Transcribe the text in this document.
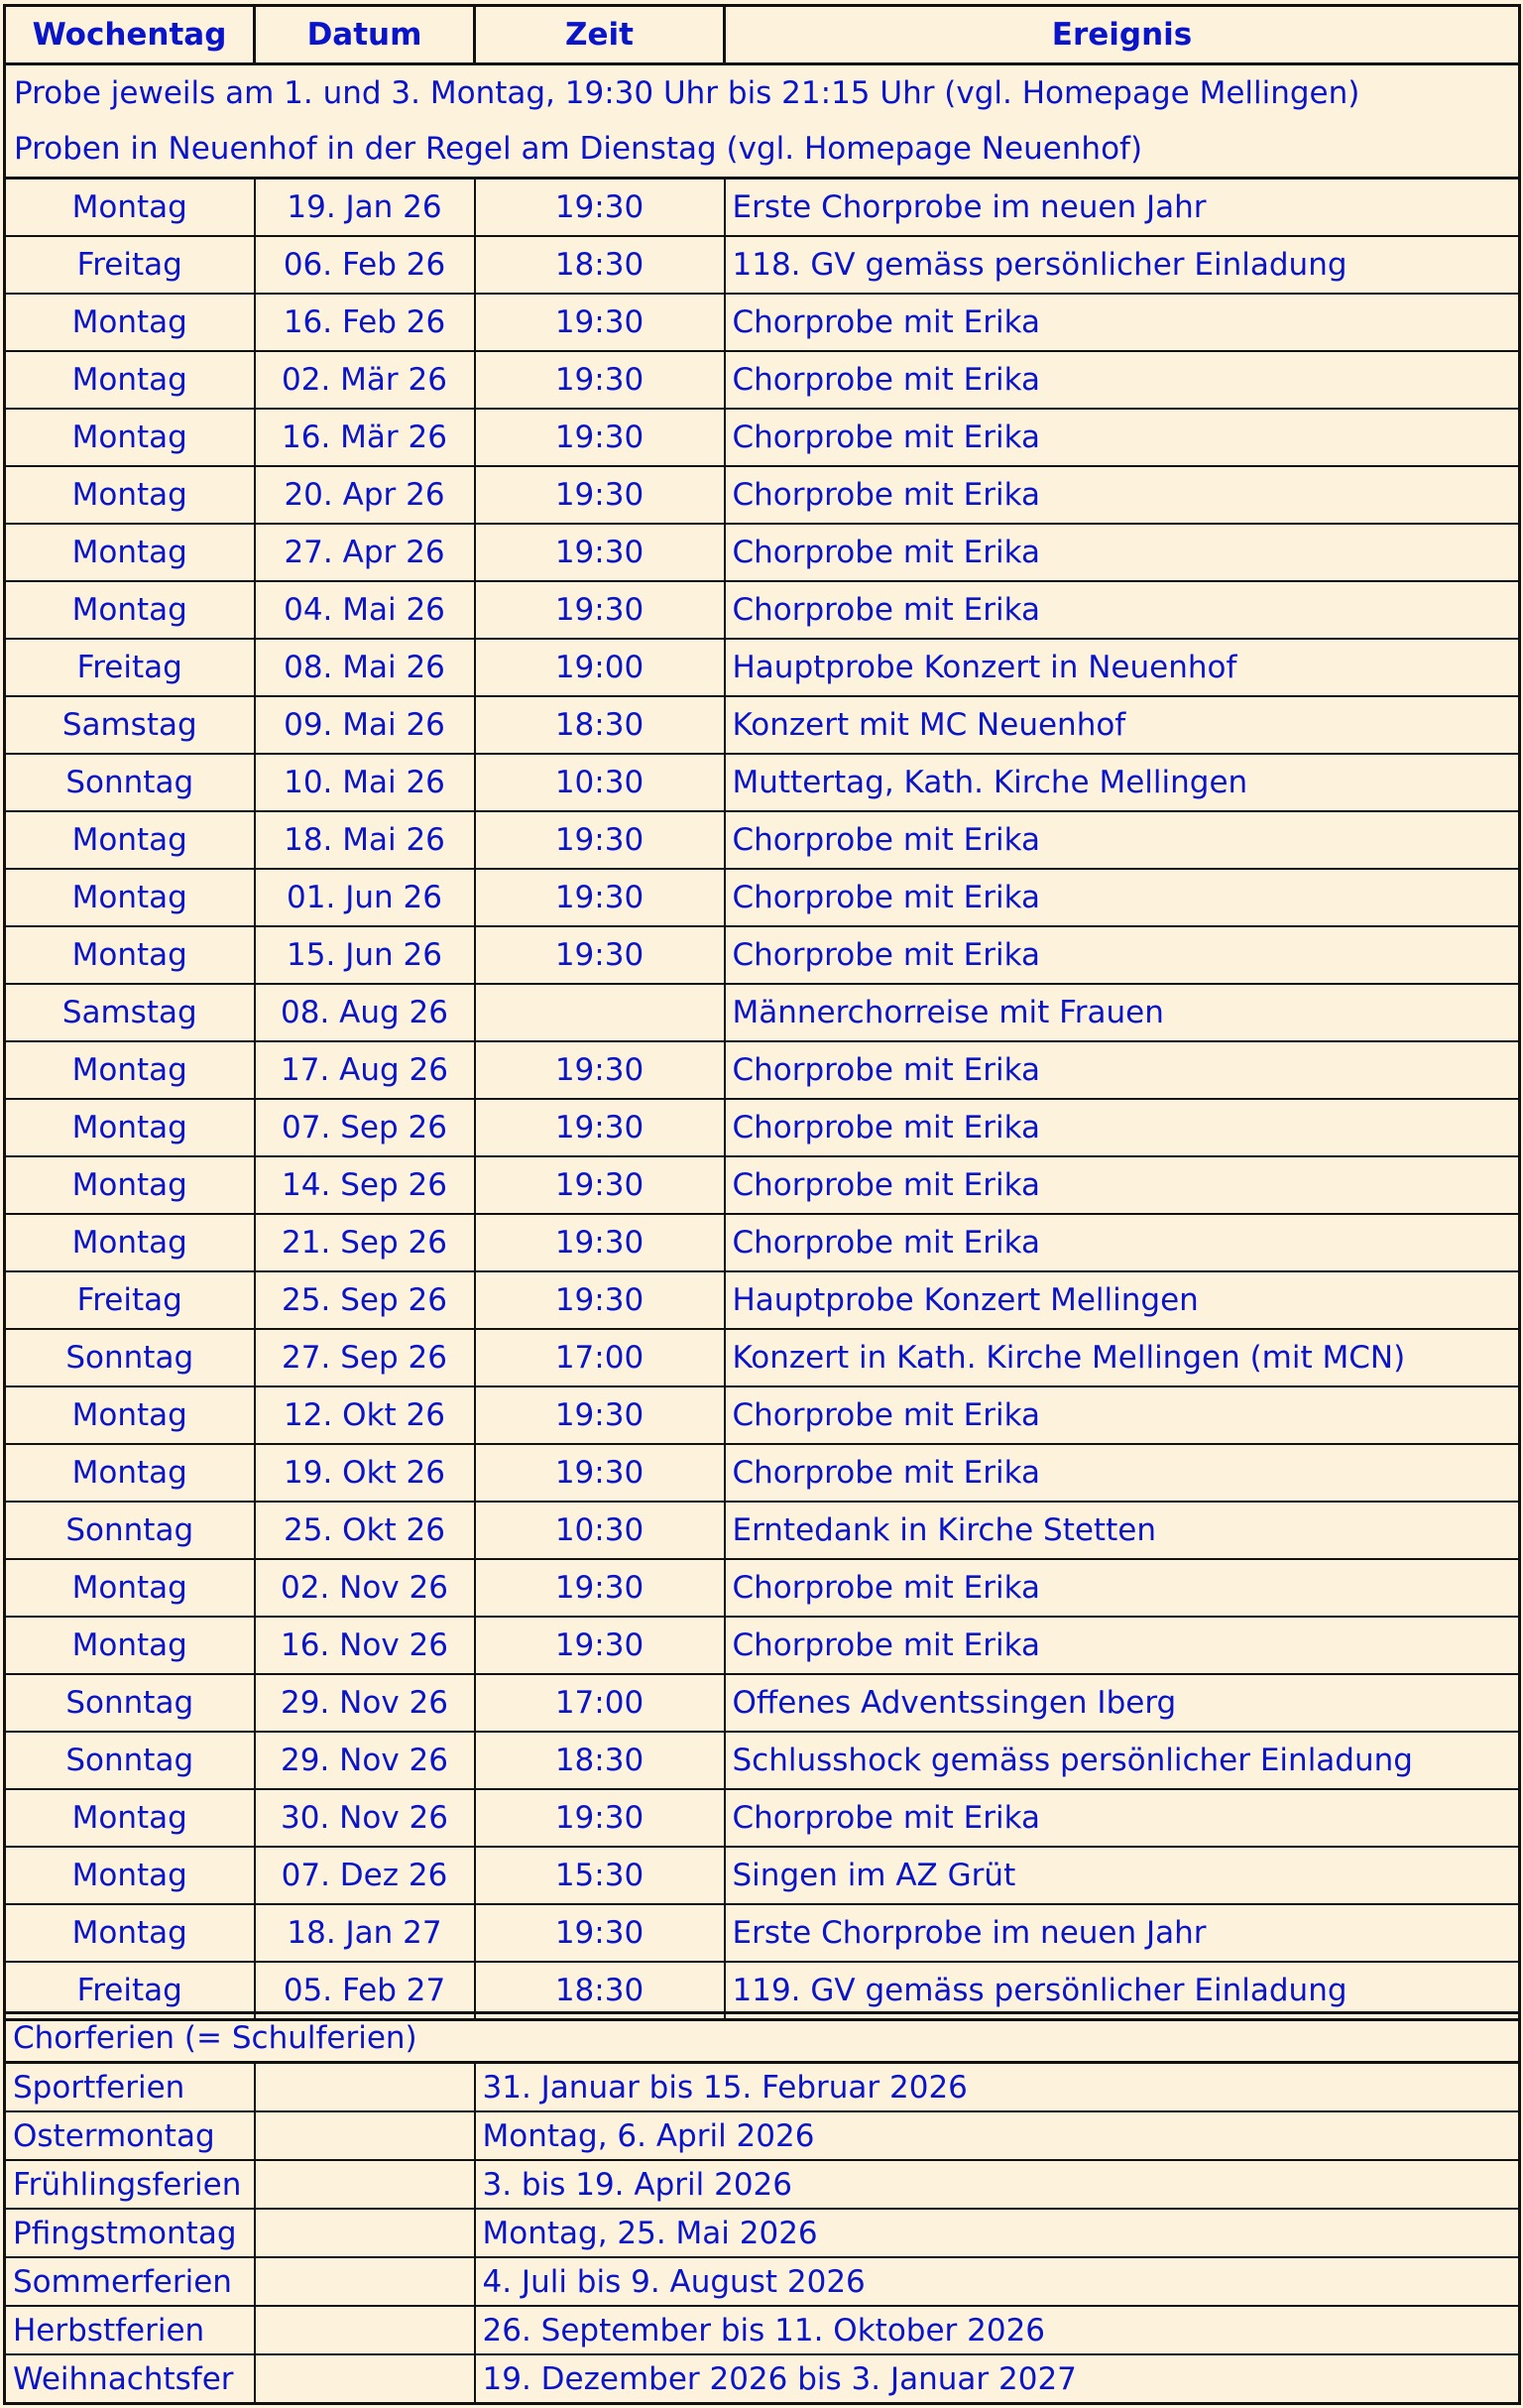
Wochentag	Datum	Zeit	Ereignis
Probe jeweils am 1. und 3. Montag, 19:30 Uhr bis 21:15 Uhr (vgl. Homepage Mellingen)			
Proben in Neuenhof in der Regel am Dienstag (vgl. Homepage Neuenhof)			
Montag	19. Jan 26	19:30	Erste Chorprobe im neuen Jahr
Freitag	06. Feb 26	18:30	118. GV gemäss persönlicher Einladung
Montag	16. Feb 26	19:30	Chorprobe mit Erika
Montag	02. Mär 26	19:30	Chorprobe mit Erika
Montag	16. Mär 26	19:30	Chorprobe mit Erika
Montag	20. Apr 26	19:30	Chorprobe mit Erika
Montag	27. Apr 26	19:30	Chorprobe mit Erika
Montag	04. Mai 26	19:30	Chorprobe mit Erika
Freitag	08. Mai 26	19:00	Hauptprobe Konzert in Neuenhof
Samstag	09. Mai 26	18:30	Konzert mit MC Neuenhof
Sonntag	10. Mai 26	10:30	Muttertag, Kath. Kirche Mellingen
Montag	18. Mai 26	19:30	Chorprobe mit Erika
Montag	01. Jun 26	19:30	Chorprobe mit Erika
Montag	15. Jun 26	19:30	Chorprobe mit Erika
Samstag	08. Aug 26		Männerchorreise mit Frauen
Montag	17. Aug 26	19:30	Chorprobe mit Erika
Montag	07. Sep 26	19:30	Chorprobe mit Erika
Montag	14. Sep 26	19:30	Chorprobe mit Erika
Montag	21. Sep 26	19:30	Chorprobe mit Erika
Freitag	25. Sep 26	19:30	Hauptprobe Konzert Mellingen
Sonntag	27. Sep 26	17:00	Konzert in Kath. Kirche Mellingen (mit MCN)
Montag	12. Okt 26	19:30	Chorprobe mit Erika
Montag	19. Okt 26	19:30	Chorprobe mit Erika
Sonntag	25. Okt 26	10:30	Erntedank in Kirche Stetten
Montag	02. Nov 26	19:30	Chorprobe mit Erika
Montag	16. Nov 26	19:30	Chorprobe mit Erika
Sonntag	29. Nov 26	17:00	Offenes Adventssingen Iberg
Sonntag	29. Nov 26	18:30	Schlusshock gemäss persönlicher Einladung
Montag	30. Nov 26	19:30	Chorprobe mit Erika
Montag	07. Dez 26	15:30	Singen im AZ Grüt
Montag	18. Jan 27	19:30	Erste Chorprobe im neuen Jahr
Freitag	05. Feb 27	18:30	119. GV gemäss persönlicher Einladung
Chorferien (= Schulferien)		
Sportferien		31. Januar bis 15. Februar 2026
Ostermontag		Montag, 6. April 2026
Frühlingsferien		3. bis 19. April 2026
Pfingstmontag		Montag, 25. Mai 2026
Sommerferien		4. Juli bis 9. August 2026
Herbstferien		26. September bis 11. Oktober 2026
Weihnachtsfer		19. Dezember 2026 bis 3. Januar 2027
